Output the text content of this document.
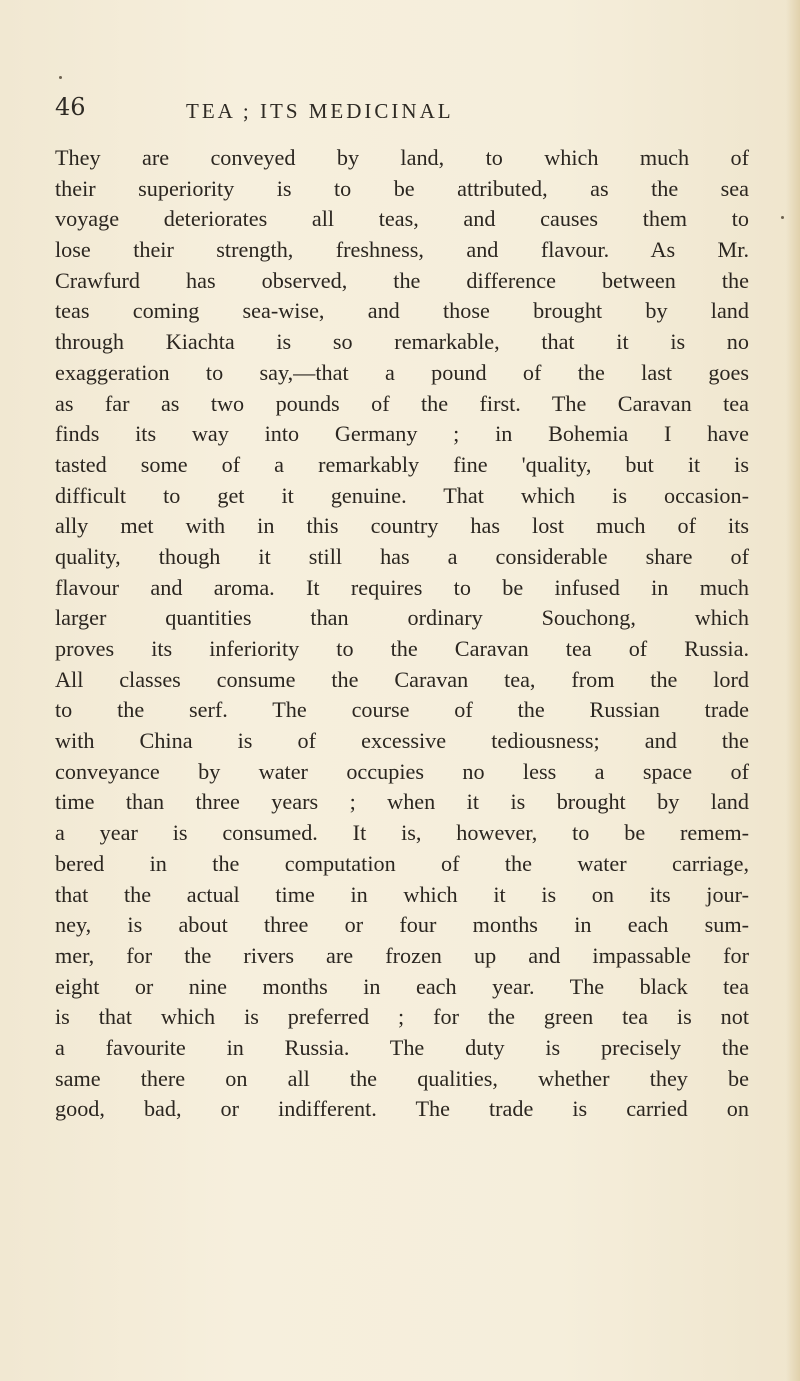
46	TEA ; ITS MEDICINAL
They are conveyed by land, to which much of
their superiority is to be attributed, as the sea
voyage deteriorates all teas, and causes them to
lose their strength, freshness, and flavour. As Mr.
Crawfurd has observed, the difference between the
teas coming sea-wise, and those brought by land
through Kiachta is so remarkable, that it is no
exaggeration to say,—that a pound of the last goes
as far as two pounds of the first. The Caravan tea
finds its way into Germany ; in Bohemia I have
tasted some of a remarkably fine 'quality, but it is
difficult to get it genuine. That which is occasion-
ally met with in this country has lost much of its
quality, though it still has a considerable share of
flavour and aroma. It requires to be infused in much
larger quantities than ordinary Souchong, which
proves its inferiority to the Caravan tea of Russia.
All classes consume the Caravan tea, from the lord
to the serf. The course of the Russian trade
with China is of excessive tediousness; and the
conveyance by water occupies no less a space of
time than three years ; when it is brought by land
a year is consumed. It is, however, to be remem-
bered in the computation of the water carriage,
that the actual time in which it is on its jour-
ney, is about three or four months in each sum-
mer, for the rivers are frozen up and impassable for
eight or nine months in each year. The black tea
is that which is preferred ; for the green tea is not
a favourite in Russia. The duty is precisely the
same there on all the qualities, whether they be
good, bad, or indifferent. The trade is carried on
